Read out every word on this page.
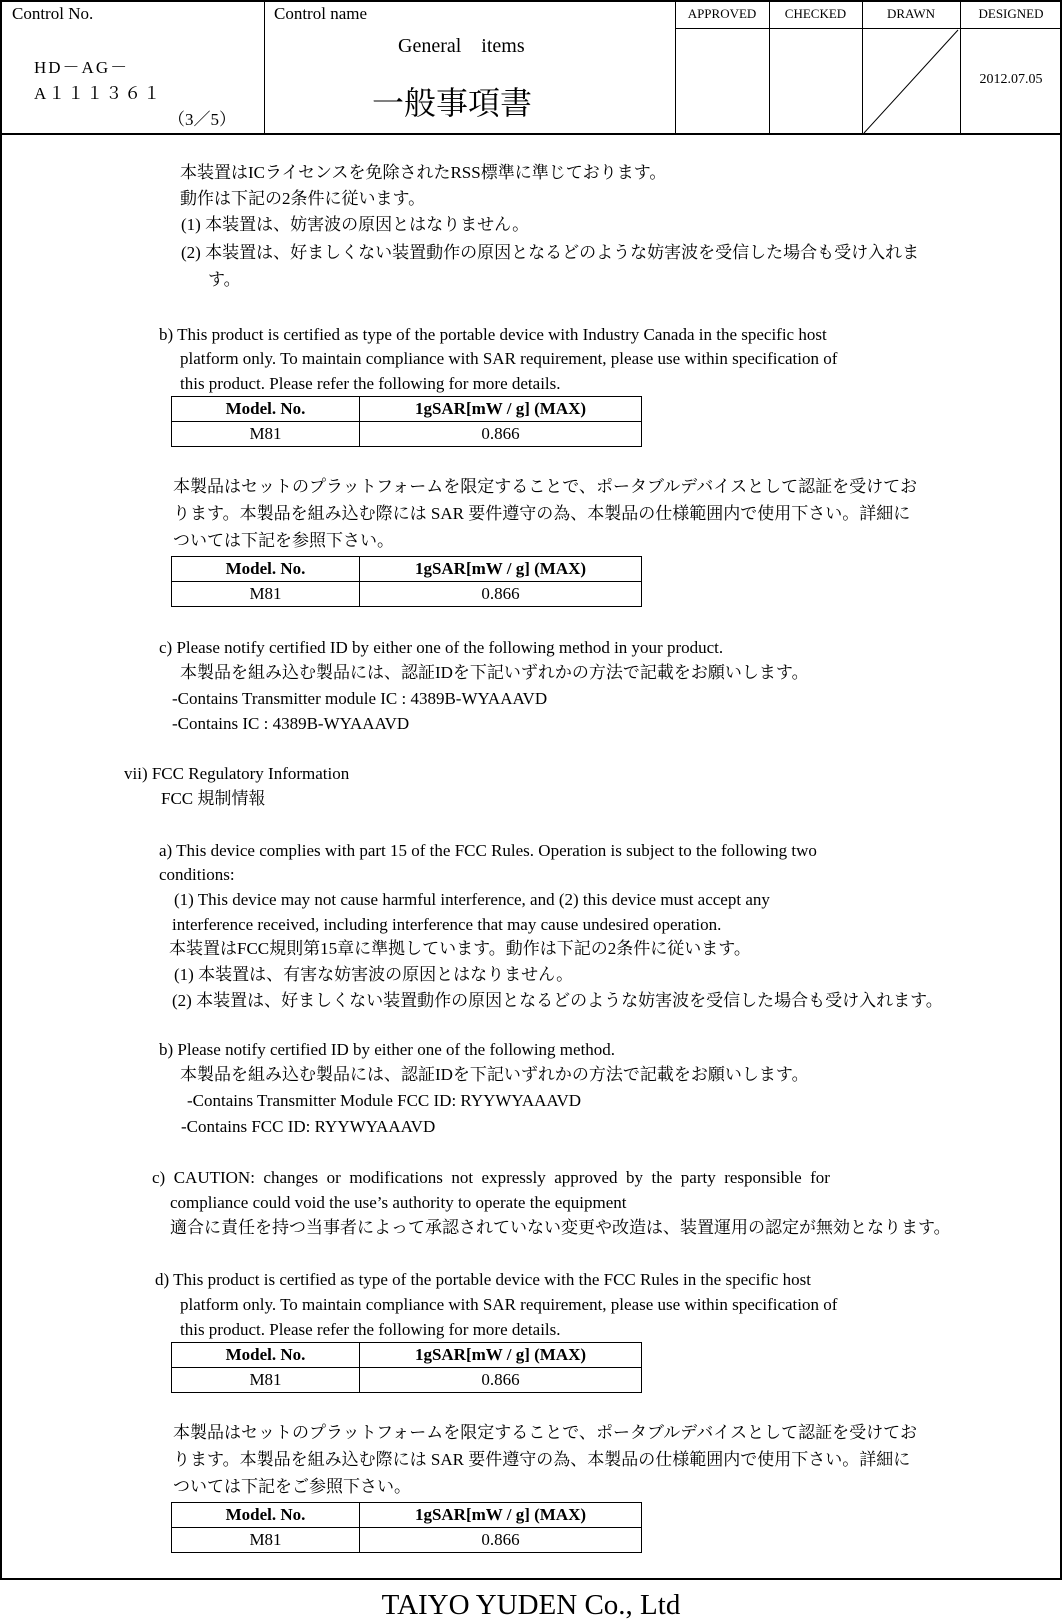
Control No.
HD－AG－
A１１１３６１
（3／5）
Control name
General　items
一般事項書
APPROVED	CHECKED	DRAWN	DESIGNED
2012.07.05
本装置はICライセンスを免除されたRSS標準に準じております。
動作は下記の2条件に従います。
(1) 本装置は、妨害波の原因とはなりません。
(2) 本装置は、好ましくない装置動作の原因となるどのような妨害波を受信した場合も受け入れま
す。
b) This product is certified as type of the portable device with Industry Canada in the specific host
platform only. To maintain compliance with SAR requirement, please use within specification of
this product. Please refer the following for more details.
Model. No.	1gSAR[mW / g] (MAX)
M81	0.866
本製品はセットのプラットフォームを限定することで、ポータブルデバイスとして認証を受けてお
ります。本製品を組み込む際には SAR 要件遵守の為、本製品の仕様範囲内で使用下さい。詳細に
ついては下記を参照下さい。
Model. No.	1gSAR[mW / g] (MAX)
M81	0.866
c) Please notify certified ID by either one of the following method in your product.
本製品を組み込む製品には、認証IDを下記いずれかの方法で記載をお願いします。
-Contains Transmitter module IC : 4389B-WYAAAVD
-Contains IC : 4389B-WYAAAVD
vii) FCC Regulatory Information
FCC 規制情報
a) This device complies with part 15 of the FCC Rules. Operation is subject to the following two
conditions:
(1) This device may not cause harmful interference, and (2) this device must accept any
interference received, including interference that may cause undesired operation.
本装置はFCC規則第15章に準拠しています。動作は下記の2条件に従います。
(1) 本装置は、有害な妨害波の原因とはなりません。
(2) 本装置は、好ましくない装置動作の原因となるどのような妨害波を受信した場合も受け入れます。
b) Please notify certified ID by either one of the following method.
本製品を組み込む製品には、認証IDを下記いずれかの方法で記載をお願いします。
-Contains Transmitter Module FCC ID: RYYWYAAAVD
-Contains FCC ID: RYYWYAAAVD
c)  CAUTION:  changes  or  modifications  not  expressly  approved  by  the  party  responsible  for
compliance could void the use’s authority to operate the equipment
適合に責任を持つ当事者によって承認されていない変更や改造は、装置運用の認定が無効となります。
d) This product is certified as type of the portable device with the FCC Rules in the specific host
platform only. To maintain compliance with SAR requirement, please use within specification of
this product. Please refer the following for more details.
Model. No.	1gSAR[mW / g] (MAX)
M81	0.866
本製品はセットのプラットフォームを限定することで、ポータブルデバイスとして認証を受けてお
ります。本製品を組み込む際には SAR 要件遵守の為、本製品の仕様範囲内で使用下さい。詳細に
ついては下記をご参照下さい。
Model. No.	1gSAR[mW / g] (MAX)
M81	0.866
TAIYO YUDEN Co., Ltd
